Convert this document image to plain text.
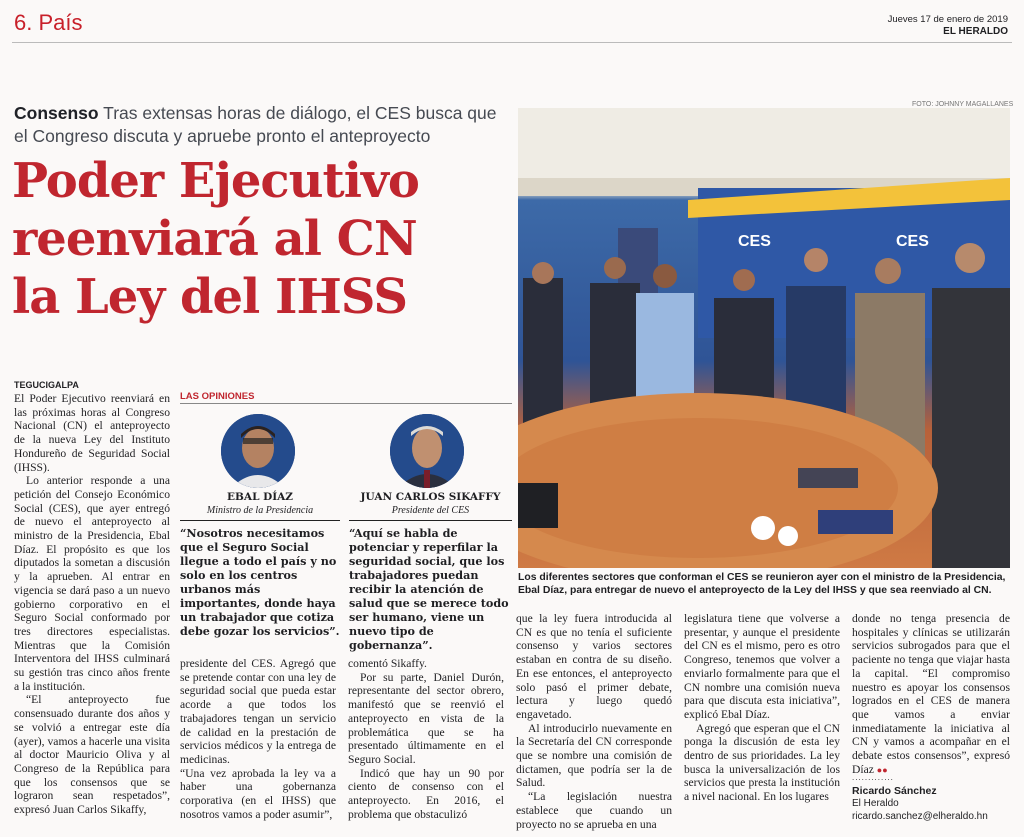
6. País	Jueves 17 de enero de 2019
EL HERALDO
Consenso Tras extensas horas de diálogo, el CES busca que el Congreso discuta y apruebe pronto el anteproyecto
Poder Ejecutivo
reenviará al CN
la Ley del IHSS
FOTO: JOHNNY MAGALLANES
CES	CES
Los diferentes sectores que conforman el CES se reunieron ayer con el ministro de la Presidencia, Ebal Díaz, para entregar de nuevo el anteproyecto de la Ley del IHSS y que sea reenviado al CN.
TEGUCIGALPA

El Poder Ejecutivo reenviará en las próximas horas al Congreso Nacional (CN) el anteproyecto de la nueva Ley del Instituto Hondureño de Seguridad Social (IHSS).

Lo anterior responde a una petición del Consejo Económico Social (CES), que ayer entregó de nuevo el anteproyecto al ministro de la Presidencia, Ebal Díaz. El propósito es que los diputados la sometan a discusión y la aprueben. Al entrar en vigencia se dará paso a un nuevo gobierno corporativo en el Seguro Social conformado por tres directores especialistas. Mientras que la Comisión Interventora del IHSS culminará su gestión tras cinco años frente a la institución.

“El anteproyecto fue consensuado durante dos años y se volvió a entregar este día (ayer), vamos a hacerle una visita al doctor Mauricio Oliva y al Congreso de la República para que los consensos que se lograron sean respetados”, expresó Juan Carlos Sikaffy,

LAS OPINIONES
EBAL DÍAZ
Ministro de la Presidencia
“Nosotros necesitamos que el Seguro Social llegue a todo el país y no solo en los centros urbanos más importantes, donde haya un trabajador que cotiza debe gozar los servicios”.
JUAN CARLOS SIKAFFY
Presidente del CES
“Aquí se habla de potenciar y reperfilar la seguridad social, que los trabajadores puedan recibir la atención de salud que se merece todo ser humano, viene un nuevo tipo de gobernanza”.

presidente del CES. Agregó que se pretende contar con una ley de seguridad social que pueda estar acorde a que todos los trabajadores tengan un servicio de calidad en la prestación de servicios médicos y la entrega de medicinas.

“Una vez aprobada la ley va a haber una gobernanza corporativa (en el IHSS) que nosotros vamos a poder asumir”,

comentó Sikaffy.

Por su parte, Daniel Durón, representante del sector obrero, manifestó que se reenvió el anteproyecto en vista de la problemática que se ha presentado últimamente en el Seguro Social.

Indicó que hay un 90 por ciento de consenso con el anteproyecto. En 2016, el problema que obstaculizó

que la ley fuera introducida al CN es que no tenía el suficiente consenso y varios sectores estaban en contra de su diseño. En ese entonces, el anteproyecto solo pasó el primer debate, lectura y luego quedó engavetado.

Al introducirlo nuevamente en la Secretaría del CN corresponde que se nombre una comisión de dictamen, que podría ser la de Salud.

“La legislación nuestra establece que cuando un proyecto no se aprueba en una

legislatura tiene que volverse a presentar, y aunque el presidente del CN es el mismo, pero es otro Congreso, tenemos que volver a enviarlo formalmente para que el CN nombre una comisión nueva para que discuta esta iniciativa”, explicó Ebal Díaz.

Agregó que esperan que el CN ponga la discusión de esta ley dentro de sus prioridades. La ley busca la universalización de los servicios que presta la institución a nivel nacional. En los lugares

donde no tenga presencia de hospitales y clínicas se utilizarán servicios subrogados para que el paciente no tenga que viajar hasta la capital. “El compromiso nuestro es apoyar los consensos logrados en el CES de manera que vamos a enviar inmediatamente la iniciativa al CN y vamos a acompañar en el debate estos consensos”, expresó Díaz ●●

.............
Ricardo Sánchez
El Heraldo
ricardo.sanchez@elheraldo.hn
